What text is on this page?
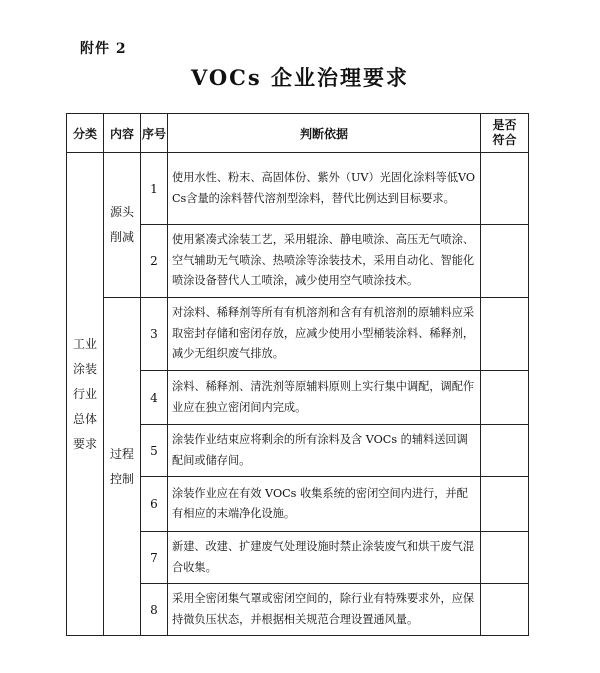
附件 2
VOCs 企业治理要求
分类	内容	序号	判断依据	是否
符合
工业涂装行业总体要求	源头削减	1	使用水性、粉末、高固体份、紫外（UV）光固化涂料等低VOCs含量的涂料替代溶剂型涂料，替代比例达到目标要求。	
		2	使用紧凑式涂装工艺，采用辊涂、静电喷涂、高压无气喷涂、空气辅助无气喷涂、热喷涂等涂装技术，采用自动化、智能化喷涂设备替代人工喷涂，减少使用空气喷涂技术。	
	过程控制	3	对涂料、稀释剂等所有有机溶剂和含有有机溶剂的原辅料应采取密封存储和密闭存放，应减少使用小型桶装涂料、稀释剂，减少无组织废气排放。	
		4	涂料、稀释剂、清洗剂等原辅料原则上实行集中调配，调配作业应在独立密闭间内完成。	
		5	涂装作业结束应将剩余的所有涂料及含 VOCs 的辅料送回调配间或储存间。	
		6	涂装作业应在有效 VOCs 收集系统的密闭空间内进行，并配有相应的末端净化设施。	
		7	新建、改建、扩建废气处理设施时禁止涂装废气和烘干废气混合收集。	
		8	采用全密闭集气罩或密闭空间的，除行业有特殊要求外，应保持微负压状态，并根据相关规范合理设置通风量。	
